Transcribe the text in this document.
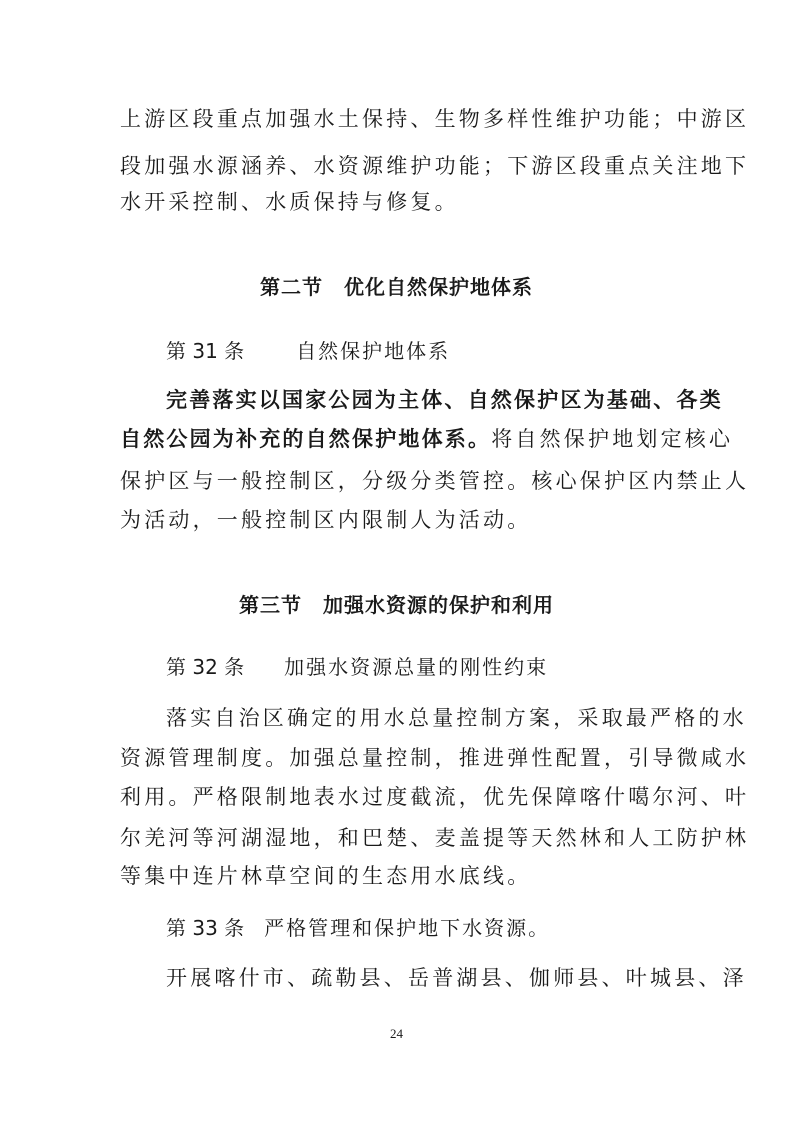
上游区段重点加强水土保持、生物多样性维护功能；中游区
段加强水源涵养、水资源维护功能；下游区段重点关注地下
水开采控制、水质保持与修复。
第二节　优化自然保护地体系
第 31 条	自然保护地体系
完善落实以国家公园为主体、自然保护区为基础、各类
自然公园为补充的自然保护地体系。将自然保护地划定核心
保护区与一般控制区，分级分类管控。核心保护区内禁止人
为活动，一般控制区内限制人为活动。
第三节　加强水资源的保护和利用
第 32 条 加强水资源总量的刚性约束
落实自治区确定的用水总量控制方案，采取最严格的水
资源管理制度。加强总量控制，推进弹性配置，引导微咸水
利用。严格限制地表水过度截流，优先保障喀什噶尔河、叶
尔羌河等河湖湿地，和巴楚、麦盖提等天然林和人工防护林
等集中连片林草空间的生态用水底线。
第 33 条 严格管理和保护地下水资源。
开展喀什市、疏勒县、岳普湖县、伽师县、叶城县、泽
24
